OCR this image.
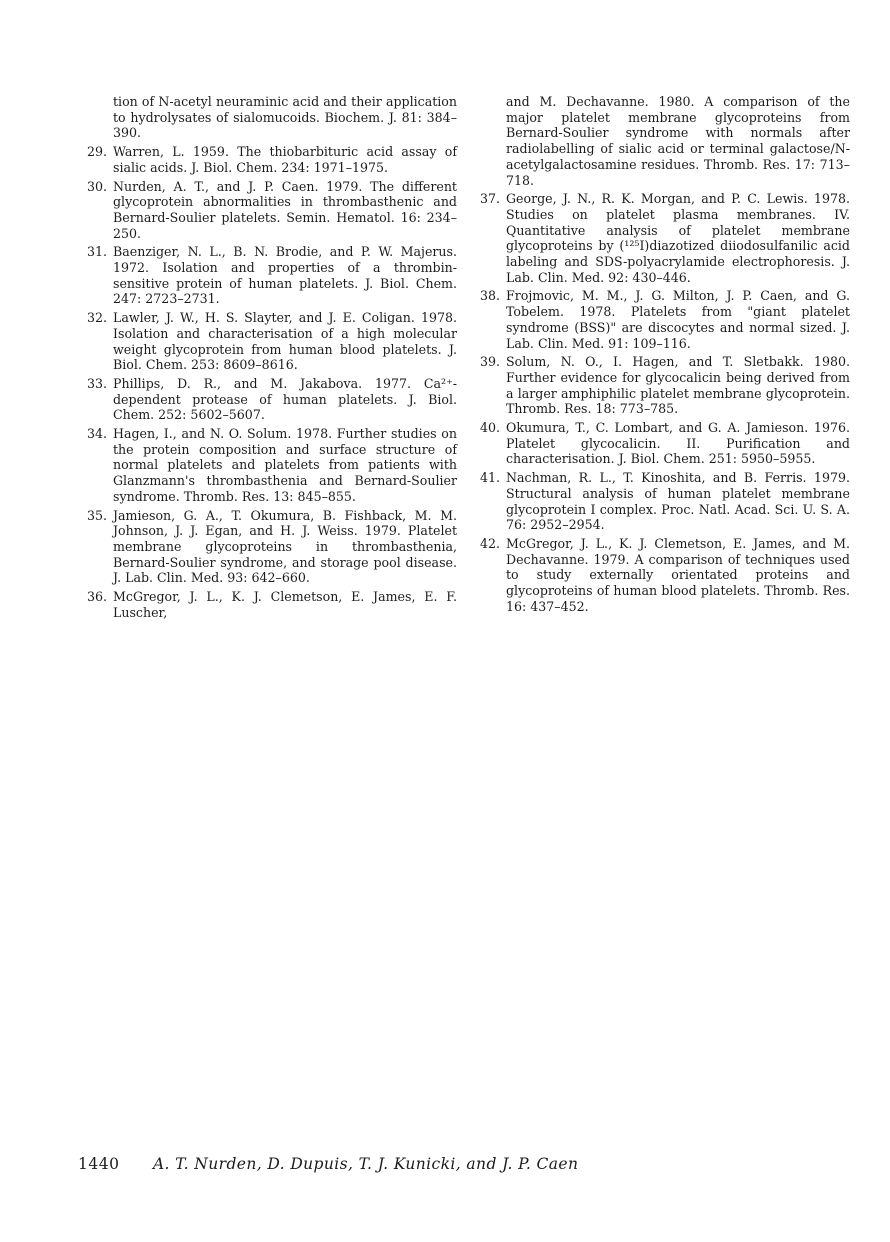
tion of N-acetyl neuraminic acid and their application to hydrolysates of sialomucoids. Biochem. J. 81: 384–390.
29. Warren, L. 1959. The thiobarbituric acid assay of sialic acids. J. Biol. Chem. 234: 1971–1975.
30. Nurden, A. T., and J. P. Caen. 1979. The different glycoprotein abnormalities in thrombasthenic and Bernard-Soulier platelets. Semin. Hematol. 16: 234–250.
31. Baenziger, N. L., B. N. Brodie, and P. W. Majerus. 1972. Isolation and properties of a thrombin-sensitive protein of human platelets. J. Biol. Chem. 247: 2723–2731.
32. Lawler, J. W., H. S. Slayter, and J. E. Coligan. 1978. Isolation and characterisation of a high molecular weight glycoprotein from human blood platelets. J. Biol. Chem. 253: 8609–8616.
33. Phillips, D. R., and M. Jakabova. 1977. Ca²⁺-dependent protease of human platelets. J. Biol. Chem. 252: 5602–5607.
34. Hagen, I., and N. O. Solum. 1978. Further studies on the protein composition and surface structure of normal platelets and platelets from patients with Glanzmann's thrombasthenia and Bernard-Soulier syndrome. Thromb. Res. 13: 845–855.
35. Jamieson, G. A., T. Okumura, B. Fishback, M. M. Johnson, J. J. Egan, and H. J. Weiss. 1979. Platelet membrane glycoproteins in thrombasthenia, Bernard-Soulier syndrome, and storage pool disease. J. Lab. Clin. Med. 93: 642–660.
36. McGregor, J. L., K. J. Clemetson, E. James, E. F. Luscher,
and M. Dechavanne. 1980. A comparison of the major platelet membrane glycoproteins from Bernard-Soulier syndrome with normals after radiolabelling of sialic acid or terminal galactose/N-acetylgalactosamine residues. Thromb. Res. 17: 713–718.
37. George, J. N., R. K. Morgan, and P. C. Lewis. 1978. Studies on platelet plasma membranes. IV. Quantitative analysis of platelet membrane glycoproteins by (¹²⁵I)diazotized diiodosulfanilic acid labeling and SDS-polyacrylamide electrophoresis. J. Lab. Clin. Med. 92: 430–446.
38. Frojmovic, M. M., J. G. Milton, J. P. Caen, and G. Tobelem. 1978. Platelets from "giant platelet syndrome (BSS)" are discocytes and normal sized. J. Lab. Clin. Med. 91: 109–116.
39. Solum, N. O., I. Hagen, and T. Sletbakk. 1980. Further evidence for glycocalicin being derived from a larger amphiphilic platelet membrane glycoprotein. Thromb. Res. 18: 773–785.
40. Okumura, T., C. Lombart, and G. A. Jamieson. 1976. Platelet glycocalicin. II. Purification and characterisation. J. Biol. Chem. 251: 5950–5955.
41. Nachman, R. L., T. Kinoshita, and B. Ferris. 1979. Structural analysis of human platelet membrane glycoprotein I complex. Proc. Natl. Acad. Sci. U. S. A. 76: 2952–2954.
42. McGregor, J. L., K. J. Clemetson, E. James, and M. Dechavanne. 1979. A comparison of techniques used to study externally orientated proteins and glycoproteins of human blood platelets. Thromb. Res. 16: 437–452.
1440 A. T. Nurden, D. Dupuis, T. J. Kunicki, and J. P. Caen
